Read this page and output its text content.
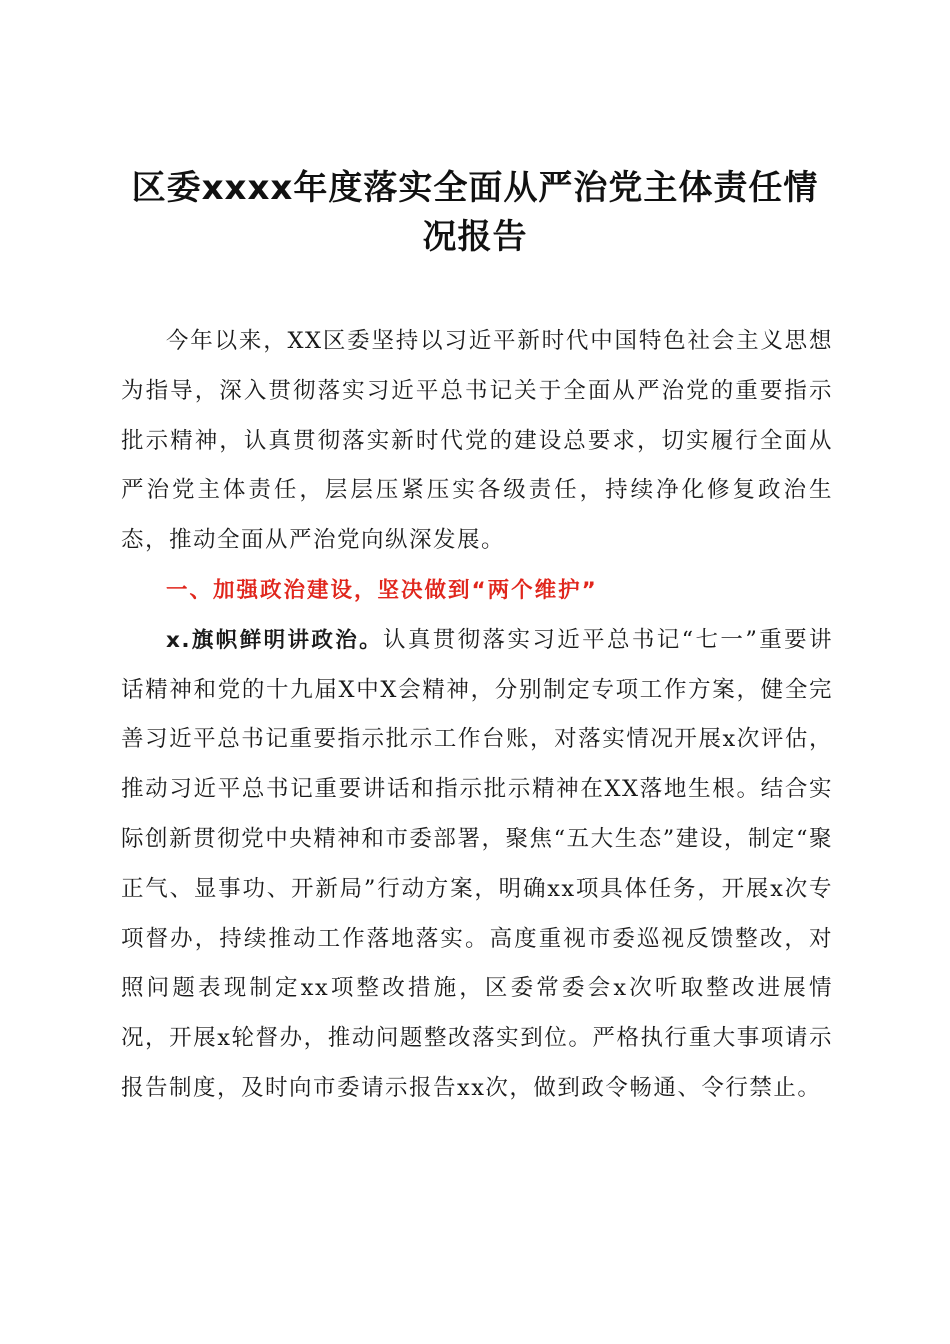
区委xxxx年度落实全面从严治党主体责任情况报告

今年以来，XX区委坚持以习近平新时代中国特色社会主义思想为指导，深入贯彻落实习近平总书记关于全面从严治党的重要指示批示精神，认真贯彻落实新时代党的建设总要求，切实履行全面从严治党主体责任，层层压紧压实各级责任，持续净化修复政治生态，推动全面从严治党向纵深发展。

一、加强政治建设，坚决做到“两个维护”

x.旗帜鲜明讲政治。认真贯彻落实习近平总书记“七一”重要讲话精神和党的十九届X中X会精神，分别制定专项工作方案，健全完善习近平总书记重要指示批示工作台账，对落实情况开展x次评估，推动习近平总书记重要讲话和指示批示精神在XX落地生根。结合实际创新贯彻党中央精神和市委部署，聚焦“五大生态”建设，制定“聚正气、显事功、开新局”行动方案，明确xx项具体任务，开展x次专项督办，持续推动工作落地落实。高度重视市委巡视反馈整改，对照问题表现制定xx项整改措施，区委常委会x次听取整改进展情况，开展x轮督办，推动问题整改落实到位。严格执行重大事项请示报告制度，及时向市委请示报告xx次，做到政令畅通、令行禁止。
